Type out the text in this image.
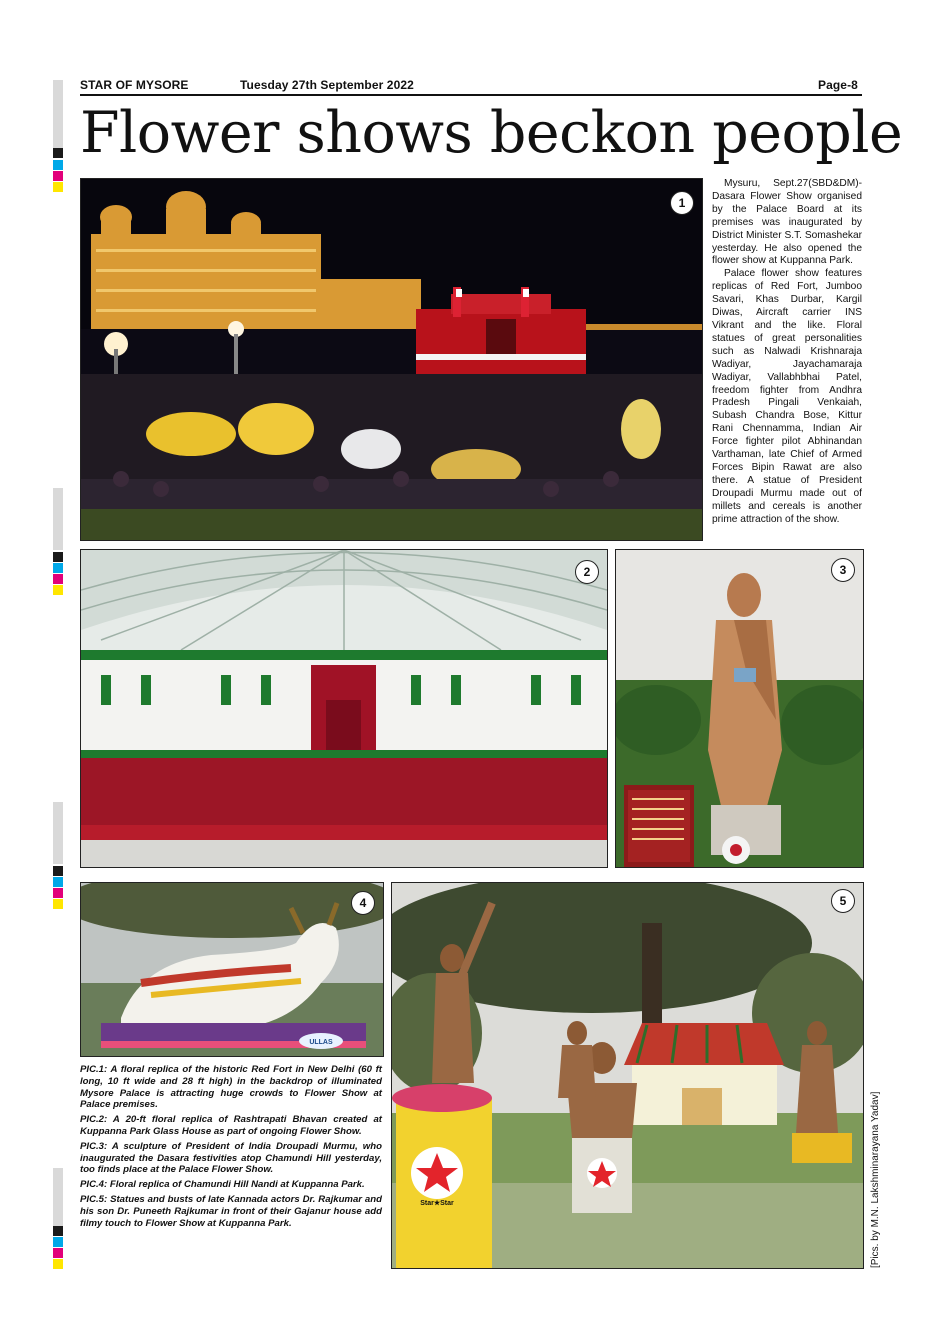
STAR OF MYSORE	Tuesday 27th September 2022	Page-8
Flower shows beckon people
1

Mysuru, Sept.27(SBD&DM)- Dasara Flower Show organised by the Palace Board at its premises was inaugurated by District Minister S.T. Somashekar yesterday. He also opened the flower show at Kuppanna Park.

Palace flower show features replicas of Red Fort, Jumboo Savari, Khas Durbar, Kargil Diwas, Aircraft carrier INS Vikrant and the like. Floral statues of great personalities such as Nalwadi Krishnaraja Wadiyar, Jayachamaraja Wadiyar, Vallabhbhai Patel, freedom fighter from Andhra Pradesh Pingali Venkaiah, Subash Chandra Bose, Kittur Rani Chennamma, Indian Air Force fighter pilot Abhinandan Varthaman, late Chief of Armed Forces Bipin Rawat are also there. A statue of President Droupadi Murmu made out of millets and cereals is another prime attraction of the show.

2	3
ULLAS
4
Star★Star
5

PIC.1: A floral replica of the historic Red Fort in New Delhi (60 ft long, 10 ft wide and 28 ft high) in the backdrop of illuminated Mysore Palace is attracting huge crowds to Flower Show at Palace premises.

PIC.2: A 20-ft floral replica of Rashtrapati Bhavan created at Kuppanna Park Glass House as part of ongoing Flower Show.

PIC.3: A sculpture of President of India Droupadi Murmu, who inaugurated the Dasara festivities atop Chamundi Hill yesterday, too finds place at the Palace Flower Show.

PIC.4: Floral replica of Chamundi Hill Nandi at Kuppanna Park.

PIC.5: Statues and busts of late Kannada actors Dr. Rajkumar and his son Dr. Puneeth Rajkumar in front of their Gajanur house add filmy touch to Flower Show at Kuppanna Park.	[Pics. by M.N. Lakshminarayana Yadav]
